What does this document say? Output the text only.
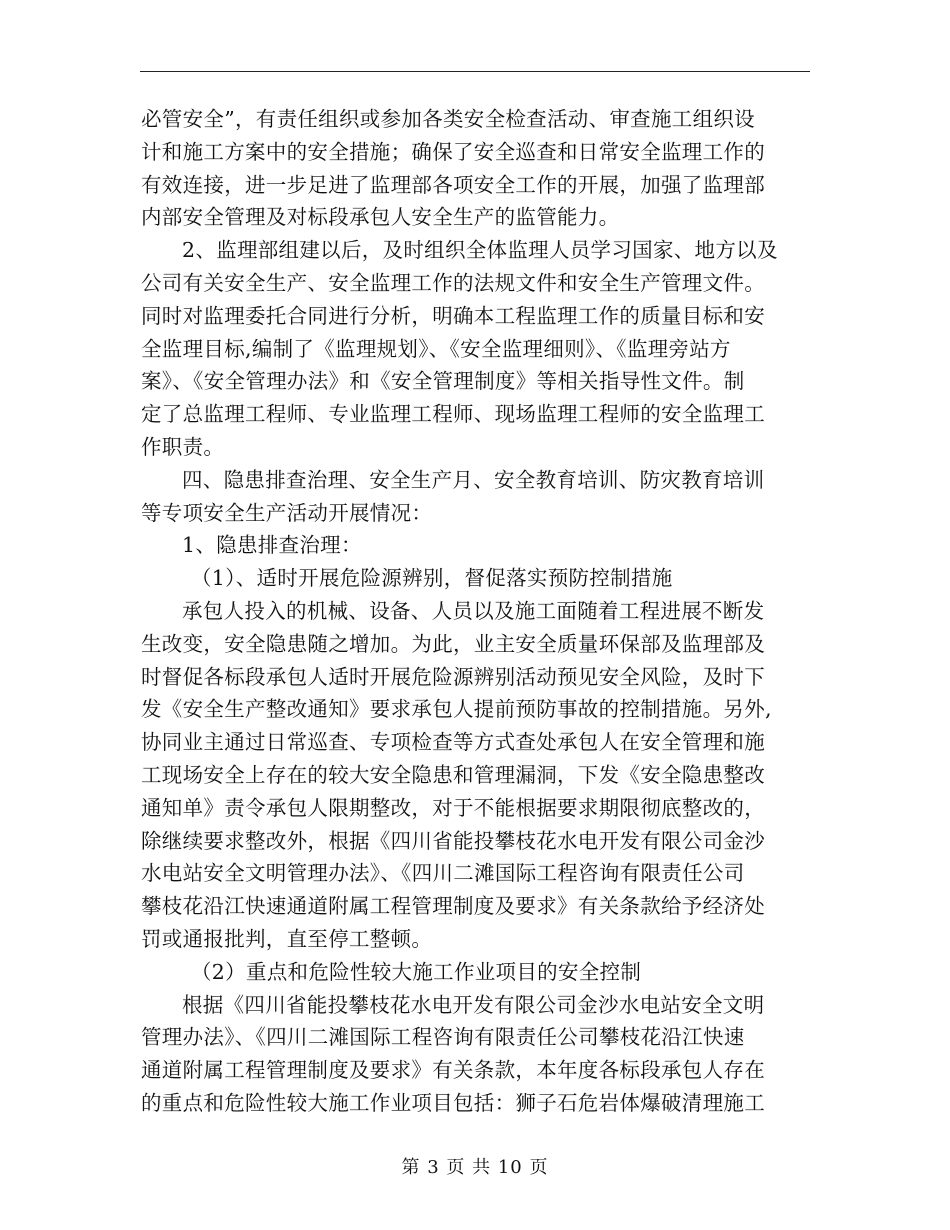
必管安全”，有责任组织或参加各类安全检查活动、审查施工组织设
计和施工方案中的安全措施；确保了安全巡查和日常安全监理工作的
有效连接，进一步足进了监理部各项安全工作的开展，加强了监理部
内部安全管理及对标段承包人安全生产的监管能力。
2、监理部组建以后，及时组织全体监理人员学习国家、地方以及
公司有关安全生产、安全监理工作的法规文件和安全生产管理文件。
同时对监理委托合同进行分析，明确本工程监理工作的质量目标和安
全监理目标,编制了《监理规划》、《安全监理细则》、《监理旁站方
案》、《安全管理办法》和《安全管理制度》等相关指导性文件。制
定了总监理工程师、专业监理工程师、现场监理工程师的安全监理工
作职责。
四、隐患排查治理、安全生产月、安全教育培训、防灾教育培训
等专项安全生产活动开展情况：
1、隐患排查治理：
（1）、适时开展危险源辨别，督促落实预防控制措施
承包人投入的机械、设备、人员以及施工面随着工程进展不断发
生改变，安全隐患随之增加。为此，业主安全质量环保部及监理部及
时督促各标段承包人适时开展危险源辨别活动预见安全风险，及时下
发《安全生产整改通知》要求承包人提前预防事故的控制措施。另外,
协同业主通过日常巡查、专项检查等方式查处承包人在安全管理和施
工现场安全上存在的较大安全隐患和管理漏洞，下发《安全隐患整改
通知单》责令承包人限期整改，对于不能根据要求期限彻底整改的，
除继续要求整改外，根据《四川省能投攀枝花水电开发有限公司金沙
水电站安全文明管理办法》、《四川二滩国际工程咨询有限责任公司
攀枝花沿江快速通道附属工程管理制度及要求》有关条款给予经济处
罚或通报批判，直至停工整顿。
（2）重点和危险性较大施工作业项目的安全控制
根据《四川省能投攀枝花水电开发有限公司金沙水电站安全文明
管理办法》、《四川二滩国际工程咨询有限责任公司攀枝花沿江快速
通道附属工程管理制度及要求》有关条款，本年度各标段承包人存在
的重点和危险性较大施工作业项目包括：狮子石危岩体爆破清理施工
第 3 页 共 10 页
